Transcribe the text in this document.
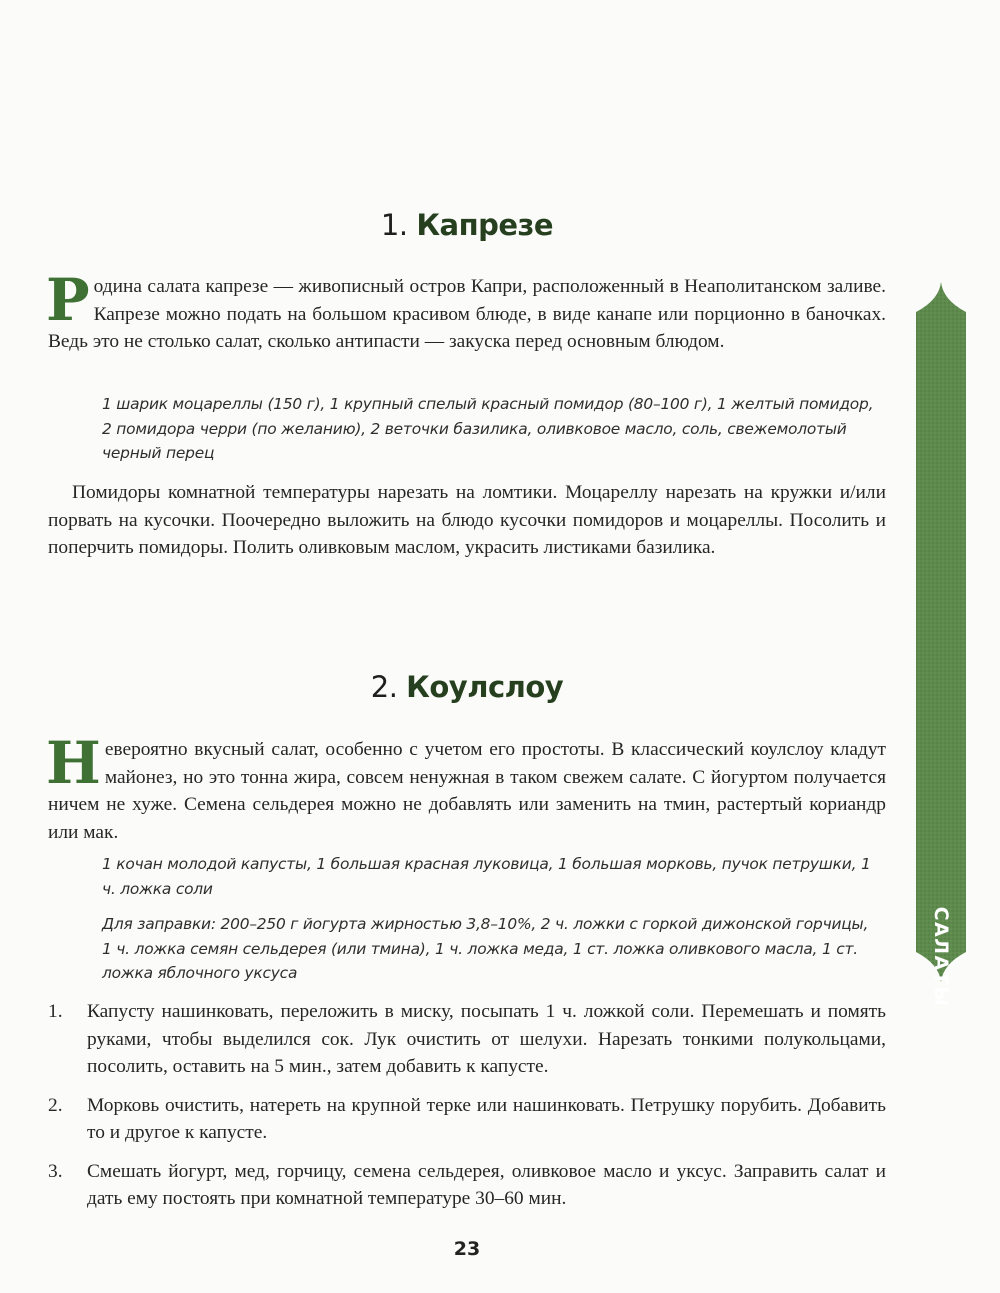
1. Капрезе

Родина салата капрезе — живописный остров Капри, расположенный в Неаполитанском заливе. Капрезе можно подать на большом красивом блюде, в виде канапе или порционно в баночках. Ведь это не столько салат, сколько антипасти — закуска перед основным блюдом.

1 шарик моцареллы (150 г), 1 крупный спелый красный помидор (80–100 г), 1 желтый помидор, 2 помидора черри (по желанию), 2 веточки базилика, оливковое масло, соль, свежемолотый черный перец

Помидоры комнатной температуры нарезать на ломтики. Моцареллу нарезать на кружки и/или порвать на кусочки. Поочередно выложить на блюдо кусочки помидоров и моцареллы. Посолить и поперчить помидоры. Полить оливковым маслом, украсить листиками базилика.

2. Коулслоу

Невероятно вкусный салат, особенно с учетом его простоты. В классический коулслоу кладут майонез, но это тонна жира, совсем ненужная в таком свежем салате. С йогуртом получается ничем не хуже. Семена сельдерея можно не добавлять или заменить на тмин, растертый кориандр или мак.

1 кочан молодой капусты, 1 большая красная луковица, 1 большая морковь, пучок петрушки, 1 ч. ложка соли

Для заправки: 200–250 г йогурта жирностью 3,8–10%, 2 ч. ложки с горкой дижонской горчицы, 1 ч. ложка семян сельдерея (или тмина), 1 ч. ложка меда, 1 ст. ложка оливкового масла, 1 ст. ложка яблочного уксуса

1. Капусту нашинковать, переложить в миску, посыпать 1 ч. ложкой соли. Перемешать и помять руками, чтобы выделился сок. Лук очистить от шелухи. Нарезать тонкими полукольцами, посолить, оставить на 5 мин., затем добавить к капусте.
2. Морковь очистить, натереть на крупной терке или нашинковать. Петрушку порубить. Добавить то и другое к капусте.
3. Смешать йогурт, мед, горчицу, семена сельдерея, оливковое масло и уксус. Заправить салат и дать ему постоять при комнатной температуре 30–60 мин.
САЛАТЫ
23
